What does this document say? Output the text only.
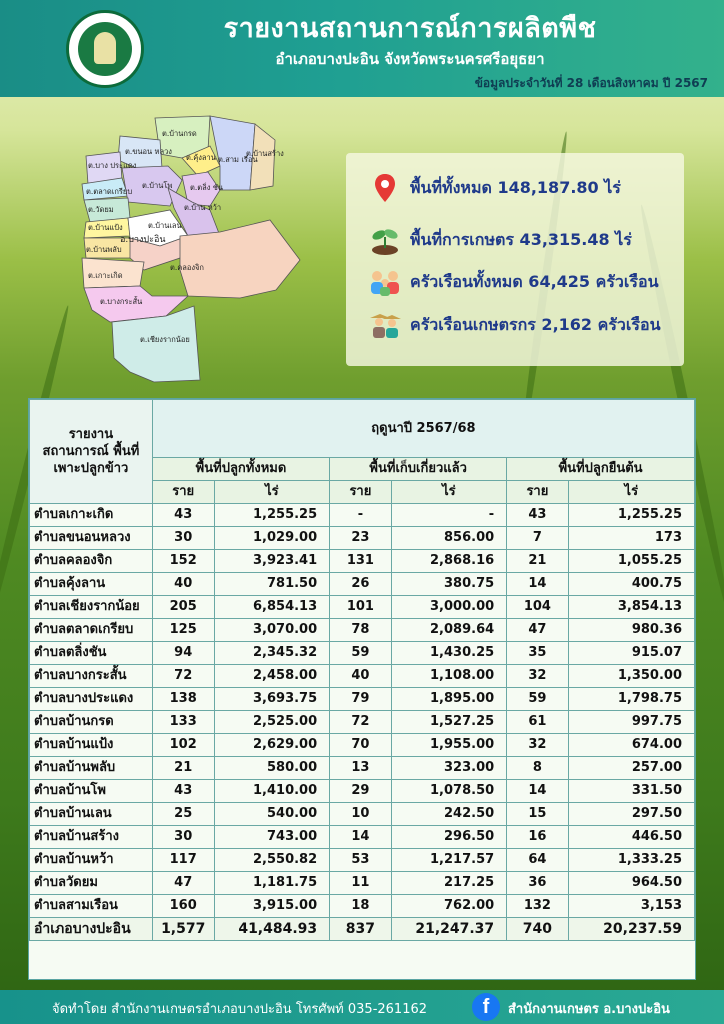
รายงานสถานการณ์การผลิตพืช
อำเภอบางปะอิน จังหวัดพระนครศรีอยุธยา
ข้อมูลประจำวันที่ 28 เดือนสิงหาคม ปี 2567
ต.บ้านกรด
ต.ขนอน หลวง
ต.บาง ประแดง
ต.คุ้งลาน ต.สาม เรือน
ต.บ้านสร้าง
ต.ตลาดเกรียบ
ต.บ้านโพ ต.ตลิ่ง ชัน
ต.บ้าน หว้า
ต.วัดยม
ต.บ้านแป้ง
อ.บางปะอิน
ต.บ้านพลับ
ต.บ้านเลน
ต.เกาะเกิด
ต.คลองจิก
ต.บางกระสั้น
ต.เชียงรากน้อย
พื้นที่ทั้งหมด 148,187.80 ไร่
พื้นที่การเกษตร 43,315.48 ไร่
ครัวเรือนทั้งหมด 64,425 ครัวเรือน
ครัวเรือนเกษตรกร 2,162 ครัวเรือน
รายงาน สถานการณ์ พื้นที่เพาะปลูกข้าว	ฤดูนาปี 2567/68					
	พื้นที่ปลูกทั้งหมด		พื้นที่เก็บเกี่ยวแล้ว		พื้นที่ปลูกยืนต้น	
	ราย	ไร่	ราย	ไร่	ราย	ไร่
ตำบลเกาะเกิด	43	1,255.25	-	-	43	1,255.25
ตำบลขนอนหลวง	30	1,029.00	23	856.00	7	173
ตำบลคลองจิก	152	3,923.41	131	2,868.16	21	1,055.25
ตำบลคุ้งลาน	40	781.50	26	380.75	14	400.75
ตำบลเชียงรากน้อย	205	6,854.13	101	3,000.00	104	3,854.13
ตำบลตลาดเกรียบ	125	3,070.00	78	2,089.64	47	980.36
ตำบลตลิ่งชัน	94	2,345.32	59	1,430.25	35	915.07
ตำบลบางกระสั้น	72	2,458.00	40	1,108.00	32	1,350.00
ตำบลบางประแดง	138	3,693.75	79	1,895.00	59	1,798.75
ตำบลบ้านกรด	133	2,525.00	72	1,527.25	61	997.75
ตำบลบ้านแป้ง	102	2,629.00	70	1,955.00	32	674.00
ตำบลบ้านพลับ	21	580.00	13	323.00	8	257.00
ตำบลบ้านโพ	43	1,410.00	29	1,078.50	14	331.50
ตำบลบ้านเลน	25	540.00	10	242.50	15	297.50
ตำบลบ้านสร้าง	30	743.00	14	296.50	16	446.50
ตำบลบ้านหว้า	117	2,550.82	53	1,217.57	64	1,333.25
ตำบลวัดยม	47	1,181.75	11	217.25	36	964.50
ตำบลสามเรือน	160	3,915.00	18	762.00	132	3,153
อำเภอบางปะอิน	1,577	41,484.93	837	21,247.37	740	20,237.59
จัดทำโดย สำนักงานเกษตรอำเภอบางปะอิน โทรศัพท์ 035-261162	f	สำนักงานเกษตร อ.บางปะอิน
